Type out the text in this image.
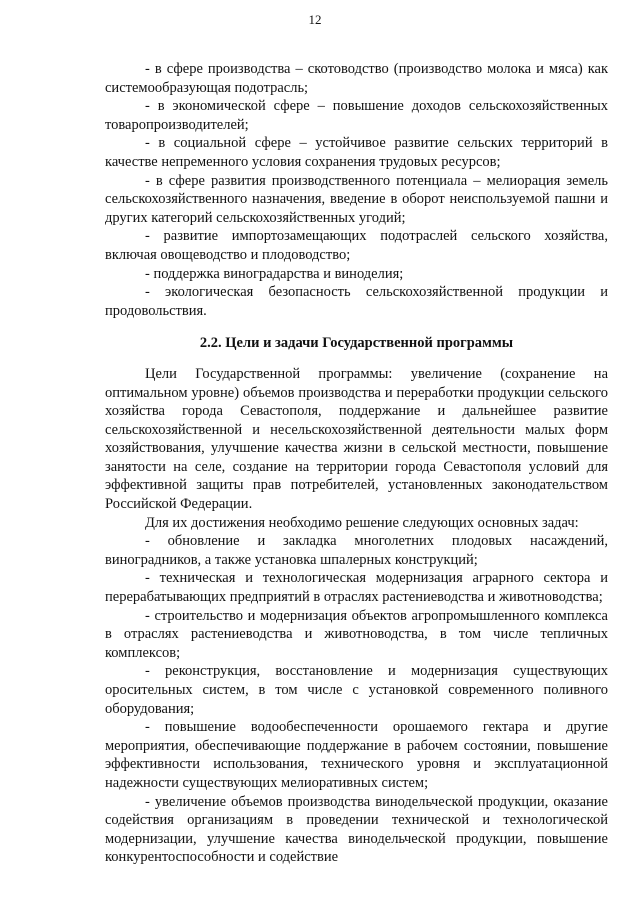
12

- в сфере производства – скотоводство (производство молока и мяса) как системообразующая подотрасль;

- в экономической сфере – повышение доходов сельскохозяйственных товаропроизводителей;

- в социальной сфере – устойчивое развитие сельских территорий в качестве непременного условия сохранения трудовых ресурсов;

- в сфере развития производственного потенциала – мелиорация земель сельскохозяйственного назначения, введение в оборот неиспользуемой пашни и других категорий сельскохозяйственных угодий;

- развитие импортозамещающих подотраслей сельского хозяйства, включая овощеводство и плодоводство;

- поддержка виноградарства и виноделия;

- экологическая безопасность сельскохозяйственной продукции и продовольствия.

2.2. Цели и задачи Государственной программы

Цели Государственной программы: увеличение (сохранение на оптимальном уровне) объемов производства и переработки продукции сельского хозяйства города Севастополя, поддержание и дальнейшее развитие сельскохозяйственной и несельскохозяйственной деятельности малых форм хозяйствования, улучшение качества жизни в сельской местности, повышение занятости на селе, создание на территории города Севастополя условий для эффективной защиты прав потребителей, установленных законодательством Российской Федерации.

Для их достижения необходимо решение следующих основных задач:

- обновление и закладка многолетних плодовых насаждений, виноградников, а также установка шпалерных конструкций;

- техническая и технологическая модернизация аграрного сектора и перерабатывающих предприятий в отраслях растениеводства и животноводства;

- строительство и модернизация объектов агропромышленного комплекса в отраслях растениеводства и животноводства, в том числе тепличных комплексов;

- реконструкция, восстановление и модернизация существующих оросительных систем, в том числе с установкой современного поливного оборудования;

- повышение водообеспеченности орошаемого гектара и другие мероприятия, обеспечивающие поддержание в рабочем состоянии, повышение эффективности использования, технического уровня и эксплуатационной надежности существующих мелиоративных систем;

- увеличение объемов производства винодельческой продукции, оказание содействия организациям в проведении технической и технологической модернизации, улучшение качества винодельческой продукции, повышение конкурентоспособности и содействие
